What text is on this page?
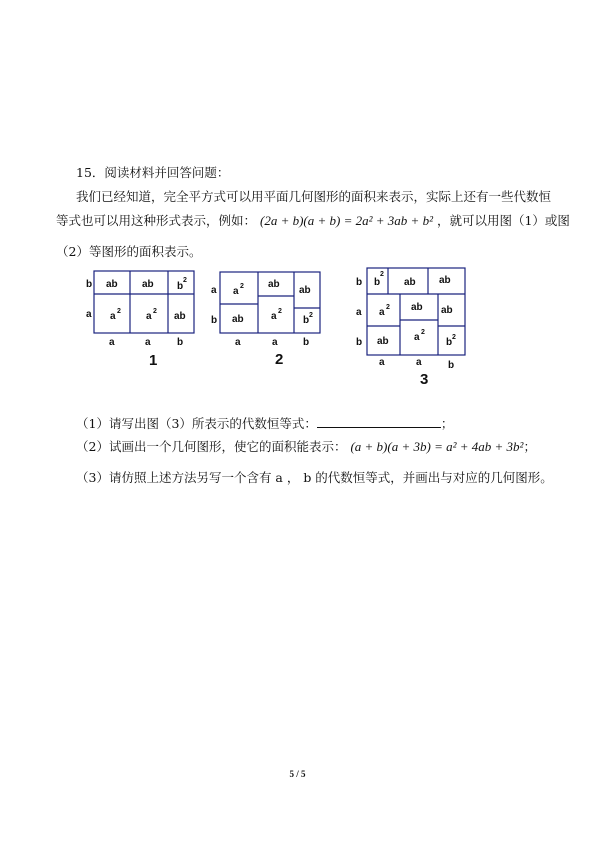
15．阅读材料并回答问题：
我们已经知道，完全平方式可以用平面几何图形的面积来表示，实际上还有一些代数恒
等式也可以用这种形式表示，例如： (2a + b)(a + b) = 2a² + 3ab + b² ，就可以用图（1）或图
（2）等图形的面积表示。
b
a
ab ab b
2
a 2	a 2 ab
a	a	b
1
a
b
a 2
ab
ab
ab
a 2
b 2
a	a	b
2
b
a
b
b
2
ab ab
a 2 ab ab
a 2
ab	b 2
a	a	b
3
（1）请写出图（3）所表示的代数恒等式：	；
（2）试画出一个几何图形，使它的面积能表示： (a + b)(a + 3b) = a² + 4ab + 3b²；
（3）请仿照上述方法另写一个含有 a ， b 的代数恒等式，并画出与对应的几何图形。
5 / 5
